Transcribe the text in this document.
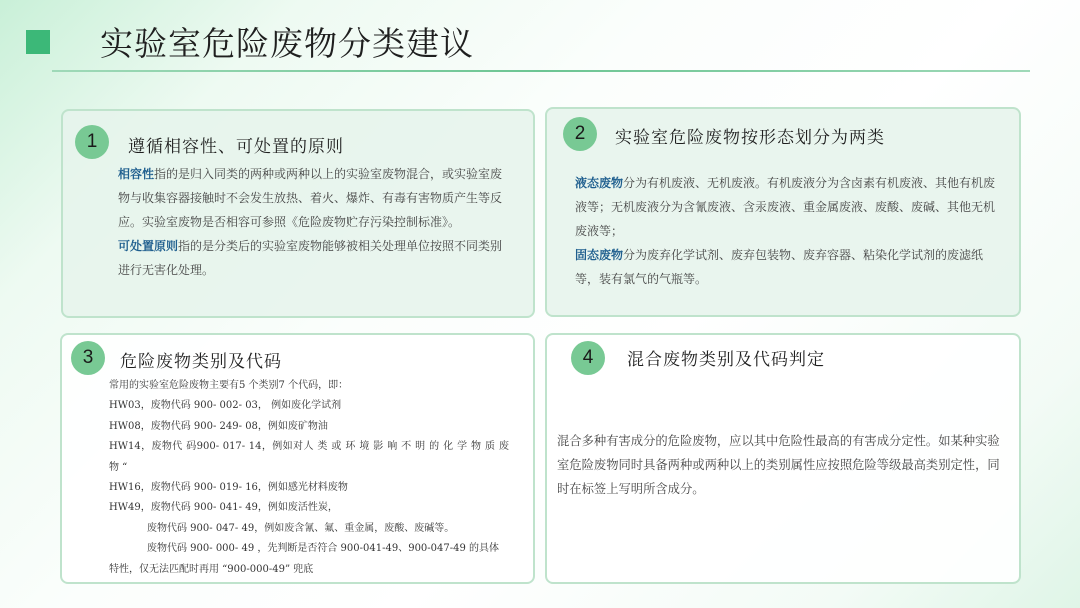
实验室危险废物分类建议
1	遵循相容性、可处置的原则

相容性指的是归入同类的两种或两种以上的实验室废物混合，或实验室废物与收集容器接触时不会发生放热、着火、爆炸、有毒有害物质产生等反应。实验室废物是否相容可参照《危险废物贮存污染控制标准》。

可处置原则指的是分类后的实验室废物能够被相关处理单位按照不同类别进行无害化处理。

2	实验室危险废物按形态划分为两类

液态废物分为有机废液、无机废液。有机废液分为含卤素有机废液、其他有机废液等；无机废液分为含氰废液、含汞废液、重金属废液、废酸、废碱、其他无机废液等；

固态废物分为废弃化学试剂、废弃包装物、废弃容器、粘染化学试剂的废滤纸等，装有氯气的气瓶等。

3	危险废物类别及代码

常用的实验室危险废物主要有5 个类别7 个代码，即：

HW03，废物代码 900- 002- 03， 例如废化学试剂

HW08，废物代码 900- 249- 08，例如废矿物油

HW14，废物代 码900- 017- 14，例如对人 类 或 环 境 影 响 不 明 的 化 学 物 质 废

物 “

HW16，废物代码 900- 019- 16，例如感光材料废物

HW49，废物代码 900- 041- 49，例如废活性炭，

废物代码 900- 047- 49，例如废含氰、氟、重金属，废酸、废碱等。

废物代码 900- 000- 49 ，先判断是否符合 900-041-49、900-047-49 的具体

特性，仅无法匹配时再用 “900-000-49” 兜底

4	混合废物类别及代码判定

混合多种有害成分的危险废物，应以其中危险性最高的有害成分定性。如某种实验室危险废物同时具备两种或两种以上的类别属性应按照危险等级最高类别定性，同时在标签上写明所含成分。
